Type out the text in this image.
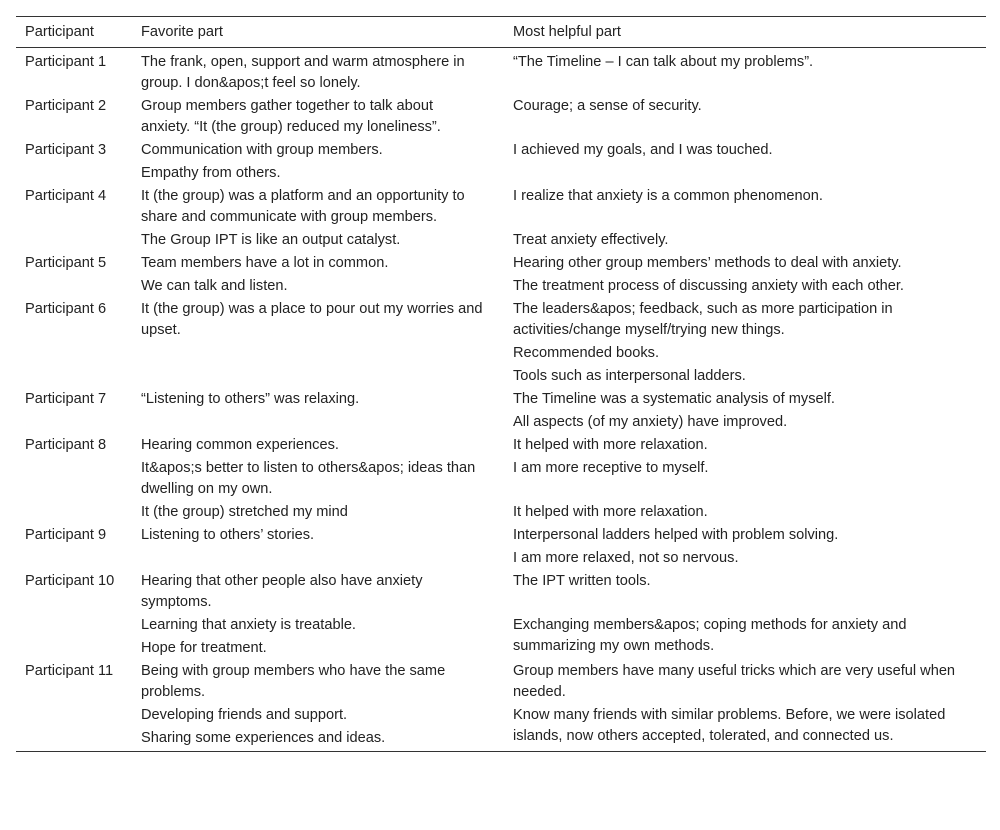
Participant	Favorite part	Most helpful part
Participant 1	The frank, open, support and warm atmosphere in group. I don&apos;t feel so lonely.	“The Timeline – I can talk about my problems”.
Participant 2	Group members gather together to talk about anxiety. “It (the group) reduced my loneliness”.	Courage; a sense of security.
Participant 3	Communication with group members.	I achieved my goals, and I was touched.
	Empathy from others.	
Participant 4	It (the group) was a platform and an opportunity to share and communicate with group members.	I realize that anxiety is a common phenomenon.
	The Group IPT is like an output catalyst.	Treat anxiety effectively.
Participant 5	Team members have a lot in common.	Hearing other group members’ methods to deal with anxiety.
	We can talk and listen.	The treatment process of discussing anxiety with each other.
Participant 6	It (the group) was a place to pour out my worries and upset.	The leaders&apos; feedback, such as more participation in activities/change myself/trying new things.
		Recommended books.
		Tools such as interpersonal ladders.
Participant 7	“Listening to others” was relaxing.	The Timeline was a systematic analysis of myself.
		All aspects (of my anxiety) have improved.
Participant 8	Hearing common experiences.	It helped with more relaxation.
	It&apos;s better to listen to others&apos; ideas than dwelling on my own.	I am more receptive to myself.
	It (the group) stretched my mind	It helped with more relaxation.
Participant 9	Listening to others’ stories.	Interpersonal ladders helped with problem solving.
		I am more relaxed, not so nervous.
Participant 10	Hearing that other people also have anxiety symptoms.	The IPT written tools.
	Learning that anxiety is treatable.	Exchanging members&apos; coping methods for anxiety and summarizing my own methods.
	Hope for treatment.	
Participant 11	Being with group members who have the same problems.	Group members have many useful tricks which are very useful when needed.
	Developing friends and support.	Know many friends with similar problems. Before, we were isolated islands, now others accepted, tolerated, and connected us.
	Sharing some experiences and ideas.	
